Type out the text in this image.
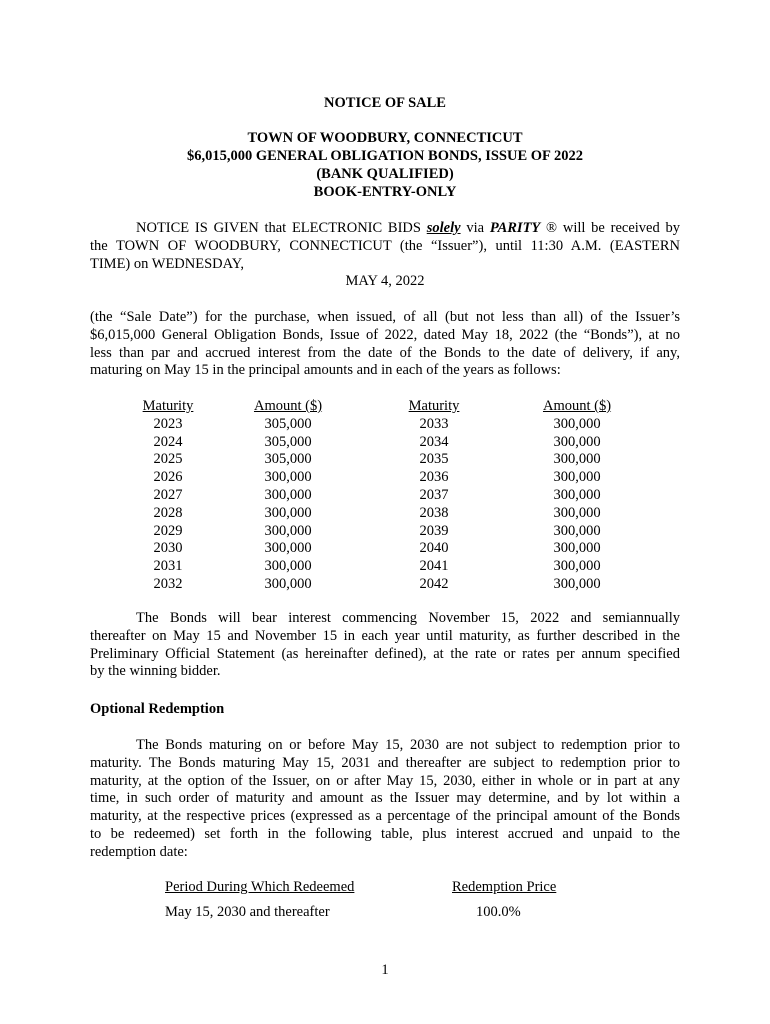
NOTICE OF SALE
TOWN OF WOODBURY, CONNECTICUT
$6,015,000 GENERAL OBLIGATION BONDS, ISSUE OF 2022
(BANK QUALIFIED)
BOOK-ENTRY-ONLY
NOTICE IS GIVEN that ELECTRONIC BIDS solely via PARITY ® will be received by
the TOWN OF WOODBURY, CONNECTICUT (the “Issuer”), until 11:30 A.M. (EASTERN
TIME) on WEDNESDAY,
MAY 4, 2022
(the “Sale Date”) for the purchase, when issued, of all (but not less than all) of the Issuer’s
$6,015,000 General Obligation Bonds, Issue of 2022, dated May 18, 2022 (the “Bonds”), at no
less than par and accrued interest from the date of the Bonds to the date of delivery, if any,
maturing on May 15 in the principal amounts and in each of the years as follows:
Maturity
2023
2024
2025
2026
2027
2028
2029
2030
2031
2032
Amount ($)
305,000
305,000
305,000
300,000
300,000
300,000
300,000
300,000
300,000
300,000
Maturity
2033
2034
2035
2036
2037
2038
2039
2040
2041
2042
Amount ($)
300,000
300,000
300,000
300,000
300,000
300,000
300,000
300,000
300,000
300,000
The Bonds will bear interest commencing November 15, 2022 and semiannually
thereafter on May 15 and November 15 in each year until maturity, as further described in the
Preliminary Official Statement (as hereinafter defined), at the rate or rates per annum specified
by the winning bidder.
Optional Redemption
The Bonds maturing on or before May 15, 2030 are not subject to redemption prior to
maturity. The Bonds maturing May 15, 2031 and thereafter are subject to redemption prior to
maturity, at the option of the Issuer, on or after May 15, 2030, either in whole or in part at any
time, in such order of maturity and amount as the Issuer may determine, and by lot within a
maturity, at the respective prices (expressed as a percentage of the principal amount of the Bonds
to be redeemed) set forth in the following table, plus interest accrued and unpaid to the
redemption date:
Period During Which Redeemed	Redemption Price
May 15, 2030 and thereafter	100.0%
1
